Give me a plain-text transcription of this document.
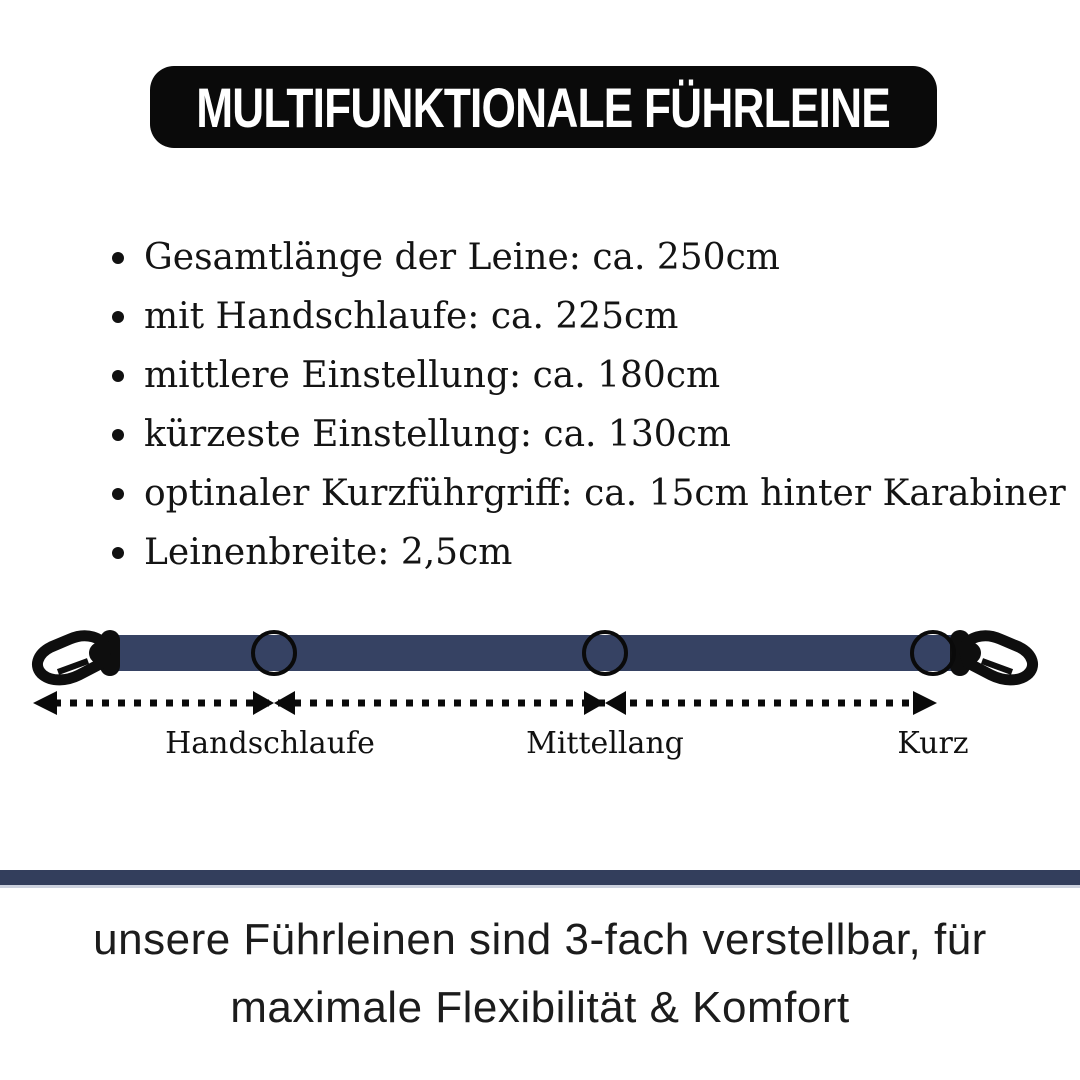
MULTIFUNKTIONALE FÜHRLEINE
Gesamtlänge der Leine: ca. 250cm
mit Handschlaufe: ca. 225cm
mittlere Einstellung: ca. 180cm
kürzeste Einstellung: ca. 130cm
optinaler Kurzführgriff: ca. 15cm hinter Karabiner
Leinenbreite: 2,5cm
Handschlaufe	Mittellang	Kurz
unsere Führleinen sind 3-fach verstellbar, für
maximale Flexibilität & Komfort
